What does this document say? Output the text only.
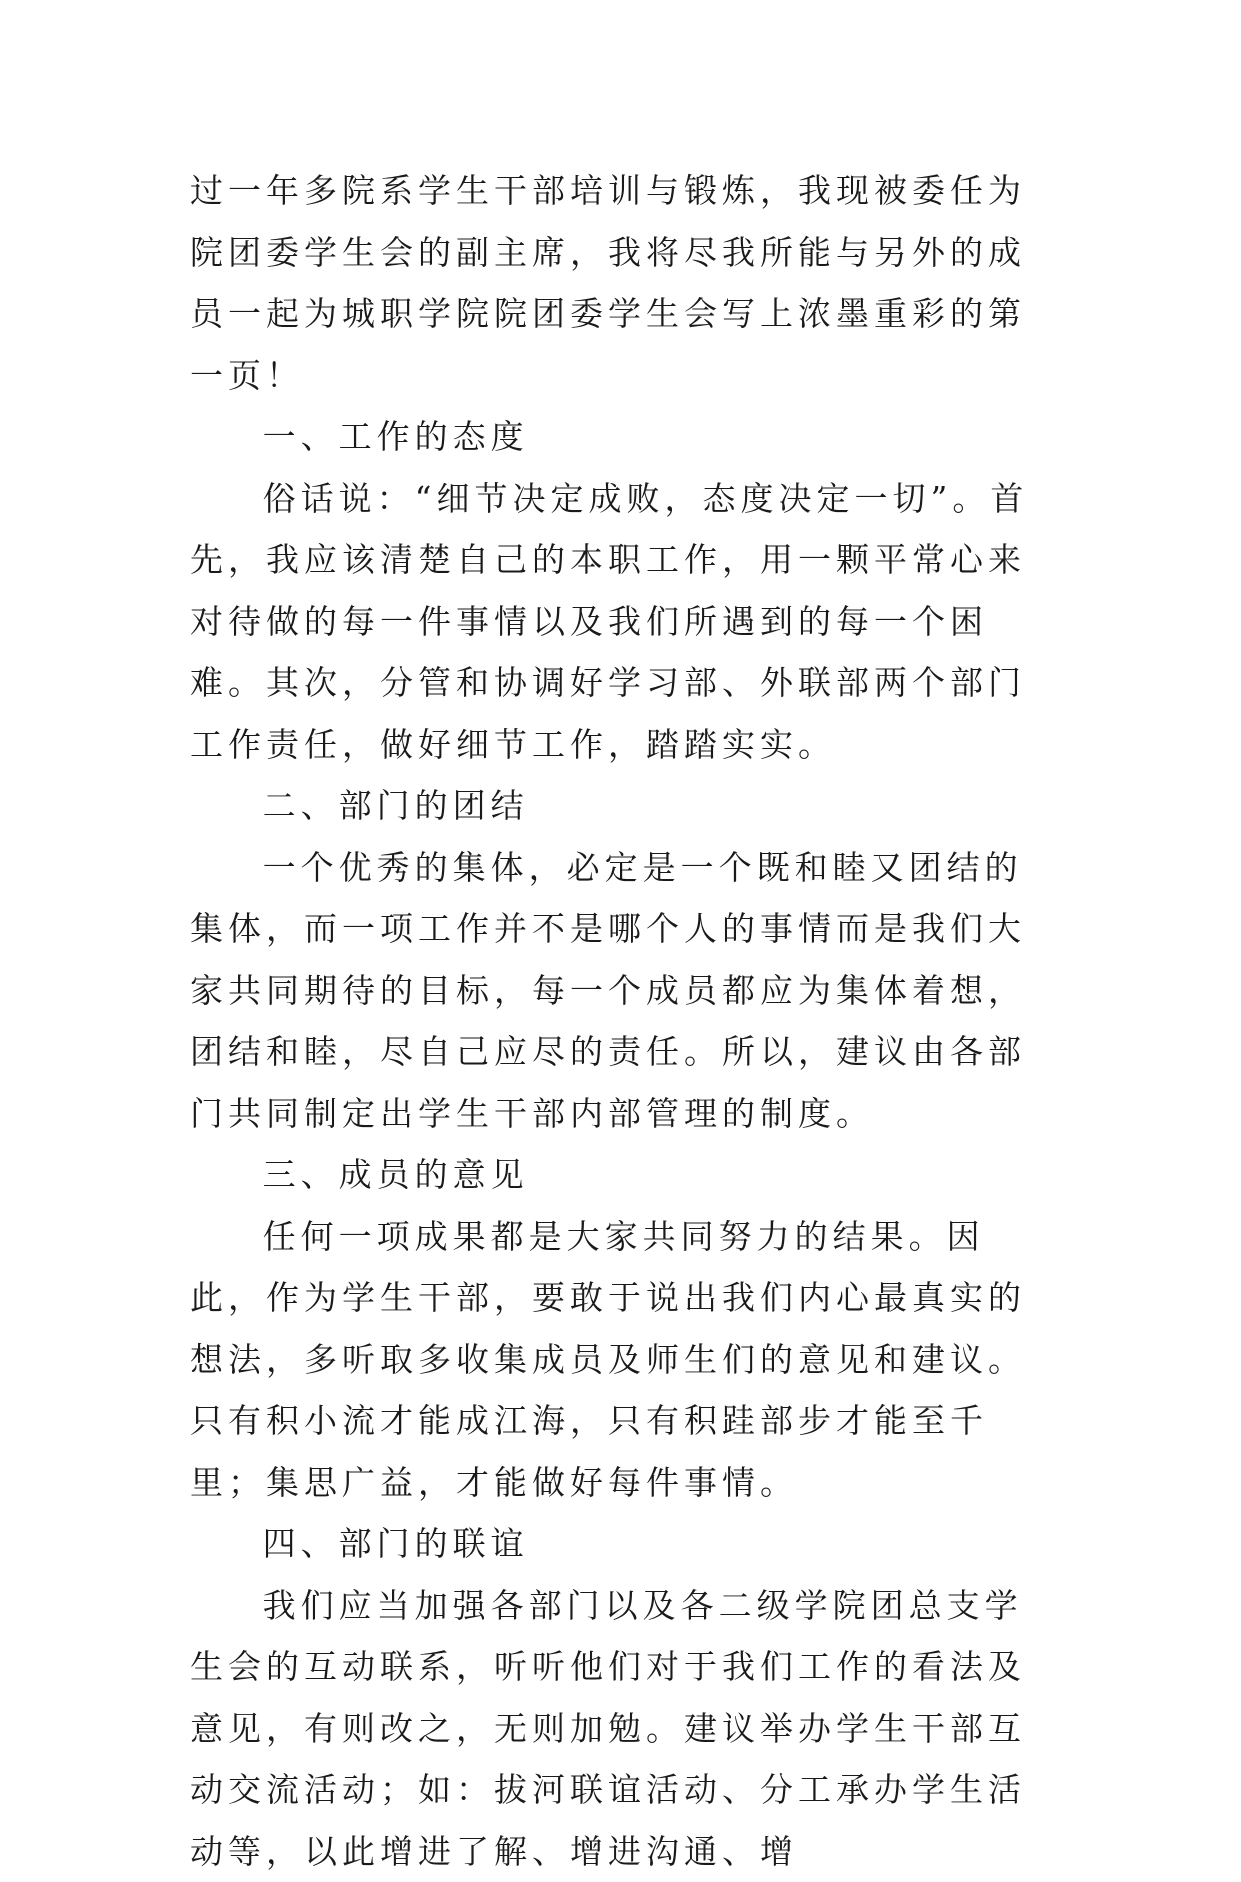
过一年多院系学生干部培训与锻炼，我现被委任为院团委学生会的副主席，我将尽我所能与另外的成员一起为城职学院院团委学生会写上浓墨重彩的第一页！

一、工作的态度

俗话说：“细节决定成败，态度决定一切”。首先，我应该清楚自己的本职工作，用一颗平常心来对待做的每一件事情以及我们所遇到的每一个困难。其次，分管和协调好学习部、外联部两个部门工作责任，做好细节工作，踏踏实实。

二、部门的团结

一个优秀的集体，必定是一个既和睦又团结的集体，而一项工作并不是哪个人的事情而是我们大家共同期待的目标，每一个成员都应为集体着想，团结和睦，尽自己应尽的责任。所以，建议由各部门共同制定出学生干部内部管理的制度。

三、成员的意见

任何一项成果都是大家共同努力的结果。因此，作为学生干部，要敢于说出我们内心最真实的想法，多听取多收集成员及师生们的意见和建议。只有积小流才能成江海，只有积跬部步才能至千里；集思广益，才能做好每件事情。

四、部门的联谊

我们应当加强各部门以及各二级学院团总支学生会的互动联系，听听他们对于我们工作的看法及意见，有则改之，无则加勉。建议举办学生干部互动交流活动；如：拔河联谊活动、分工承办学生活动等，以此增进了解、增进沟通、增
